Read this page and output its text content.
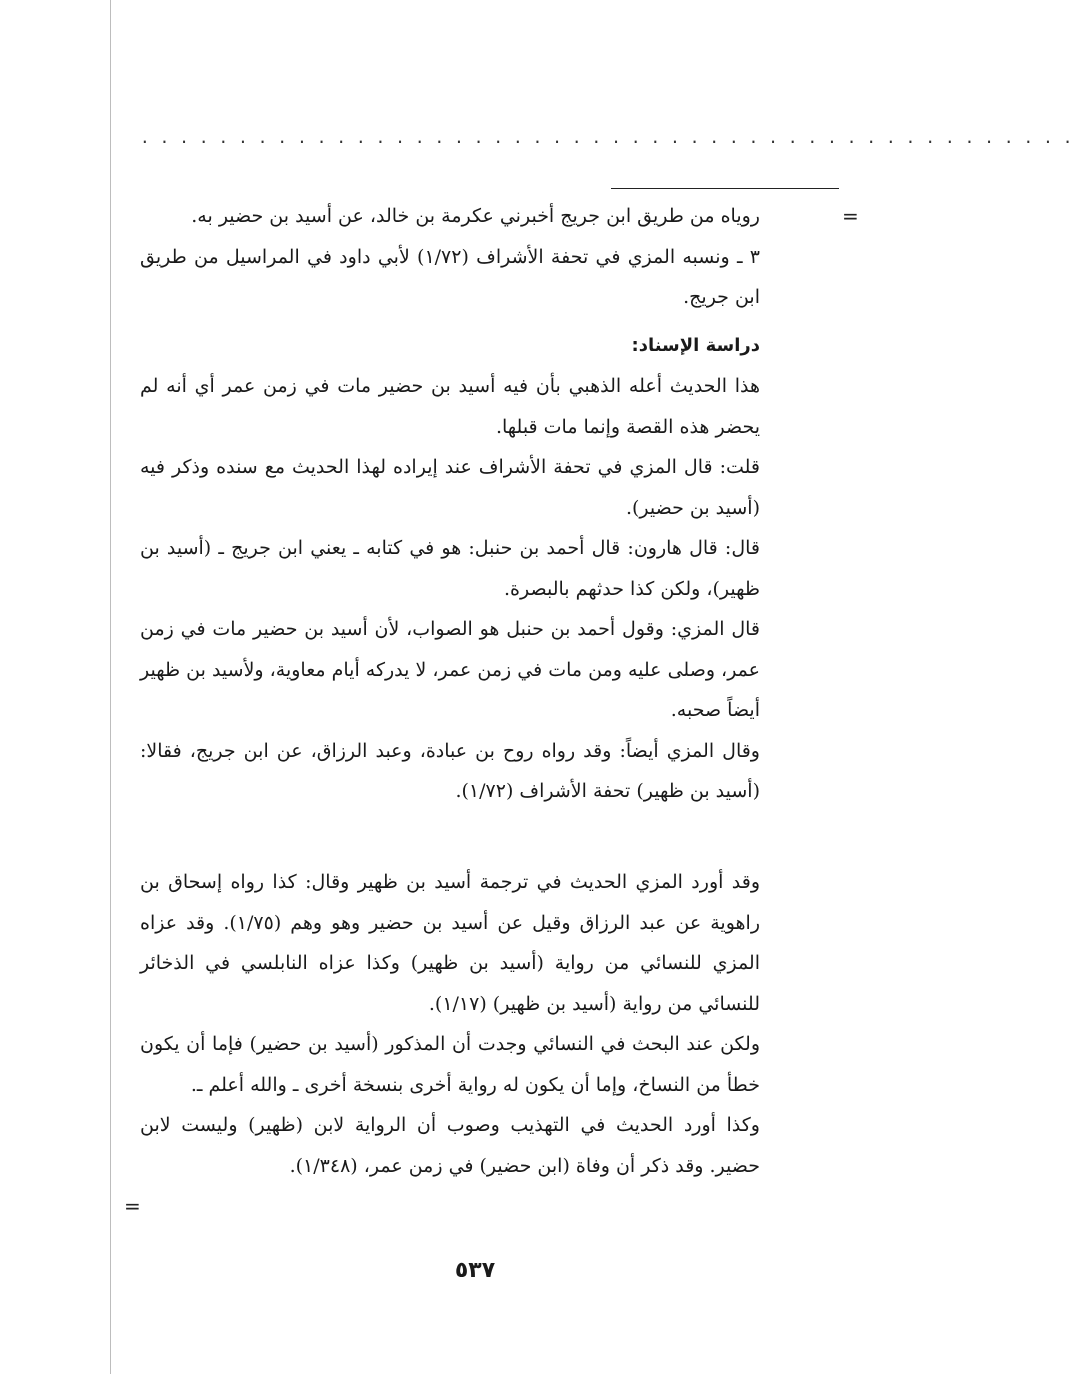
................................................
=
=

روياه من طريق ابن جريج أخبرني عكرمة بن خالد، عن أسيد بن حضير به.

٣ ـ ونسبه المزي في تحفة الأشراف (١/٧٢) لأبي داود في المراسيل من طريق ابن جريج.

دراسة الإسناد:

هذا الحديث أعله الذهبي بأن فيه أسيد بن حضير مات في زمن عمر أي أنه لم يحضر هذه القصة وإنما مات قبلها.

قلت: قال المزي في تحفة الأشراف عند إيراده لهذا الحديث مع سنده وذكر فيه (أسيد بن حضير).

قال: قال هارون: قال أحمد بن حنبل: هو في كتابه ـ يعني ابن جريج ـ (أسيد بن ظهير)، ولكن كذا حدثهم بالبصرة.

قال المزي: وقول أحمد بن حنبل هو الصواب، لأن أسيد بن حضير مات في زمن عمر، وصلى عليه ومن مات في زمن عمر، لا يدركه أيام معاوية، ولأسيد بن ظهير أيضاً صحبه.

وقال المزي أيضاً: وقد رواه روح بن عبادة، وعبد الرزاق، عن ابن جريج، فقالا: (أسيد بن ظهير) تحفة الأشراف (١/٧٢).

وقد أورد المزي الحديث في ترجمة أسيد بن ظهير وقال: كذا رواه إسحاق بن راهوية عن عبد الرزاق وقيل عن أسيد بن حضير وهو وهم (١/٧٥). وقد عزاه المزي للنسائي من رواية (أسيد بن ظهير) وكذا عزاه النابلسي في الذخائر للنسائي من رواية (أسيد بن ظهير) (١/١٧).

ولكن عند البحث في النسائي وجدت أن المذكور (أسيد بن حضير) فإما أن يكون خطأ من النساخ، وإما أن يكون له رواية أخرى بنسخة أخرى ـ والله أعلم ـ.

وكذا أورد الحديث في التهذيب وصوب أن الرواية لابن (ظهير) وليست لابن حضير. وقد ذكر أن وفاة (ابن حضير) في زمن عمر، (١/٣٤٨).

٥٣٧
